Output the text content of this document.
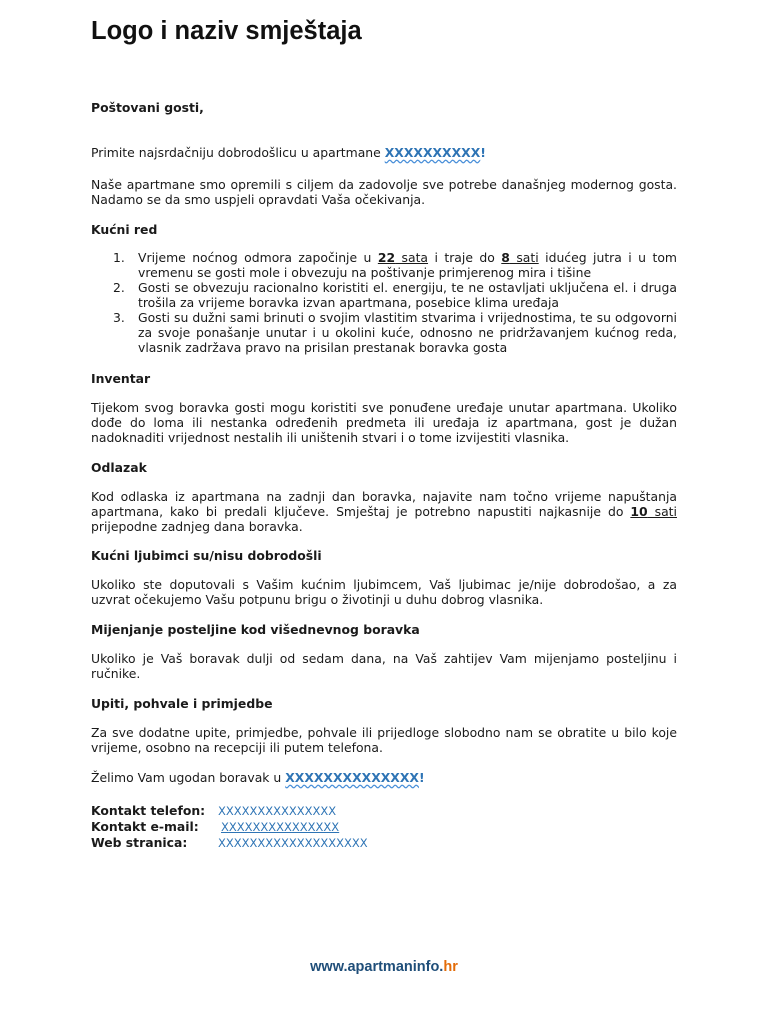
Logo i naziv smještaja

Poštovani gosti,

Primite najsrdačniju dobrodošlicu u apartmane XXXXXXXXXX!

Naše apartmane smo opremili s ciljem da zadovolje sve potrebe današnjeg modernog gosta. Nadamo se da smo uspjeli opravdati Vaša očekivanja.

Kućni red

1. Vrijeme noćnog odmora započinje u 22 sata i traje do 8 sati idućeg jutra i u tom vremenu se gosti mole i obvezuju na poštivanje primjerenog mira i tišine
2. Gosti se obvezuju racionalno koristiti el. energiju, te ne ostavljati uključena el. i druga trošila za vrijeme boravka izvan apartmana, posebice klima uređaja
3. Gosti su dužni sami brinuti o svojim vlastitim stvarima i vrijednostima, te su odgovorni za svoje ponašanje unutar i u okolini kuće, odnosno ne pridržavanjem kućnog reda, vlasnik zadržava pravo na prisilan prestanak boravka gosta

Inventar

Tijekom svog boravka gosti mogu koristiti sve ponuđene uređaje unutar apartmana. Ukoliko dođe do loma ili nestanka određenih predmeta ili uređaja iz apartmana, gost je dužan nadoknaditi vrijednost nestalih ili uništenih stvari i o tome izvijestiti vlasnika.

Odlazak

Kod odlaska iz apartmana na zadnji dan boravka, najavite nam točno vrijeme napuštanja apartmana, kako bi predali ključeve. Smještaj je potrebno napustiti najkasnije do 10 sati prijepodne zadnjeg dana boravka.

Kućni ljubimci su/nisu dobrodošli

Ukoliko ste doputovali s Vašim kućnim ljubimcem, Vaš ljubimac je/nije dobrodošao, a za uzvrat očekujemo Vašu potpunu brigu o životinji u duhu dobrog vlasnika.

Mijenjanje posteljine kod višednevnog boravka

Ukoliko je Vaš boravak dulji od sedam dana, na Vaš zahtijev Vam mijenjamo posteljinu i ručnike.

Upiti, pohvale i primjedbe

Za sve dodatne upite, primjedbe, pohvale ili prijedloge slobodno nam se obratite u bilo koje vrijeme, osobno na recepciji ili putem telefona.

Želimo Vam ugodan boravak u XXXXXXXXXXXXXX!

Kontakt telefon: XXXXXXXXXXXXXXX
Kontakt e-mail: XXXXXXXXXXXXXXX
Web stranica:	XXXXXXXXXXXXXXXXXXX
www.apartmaninfo.hr
